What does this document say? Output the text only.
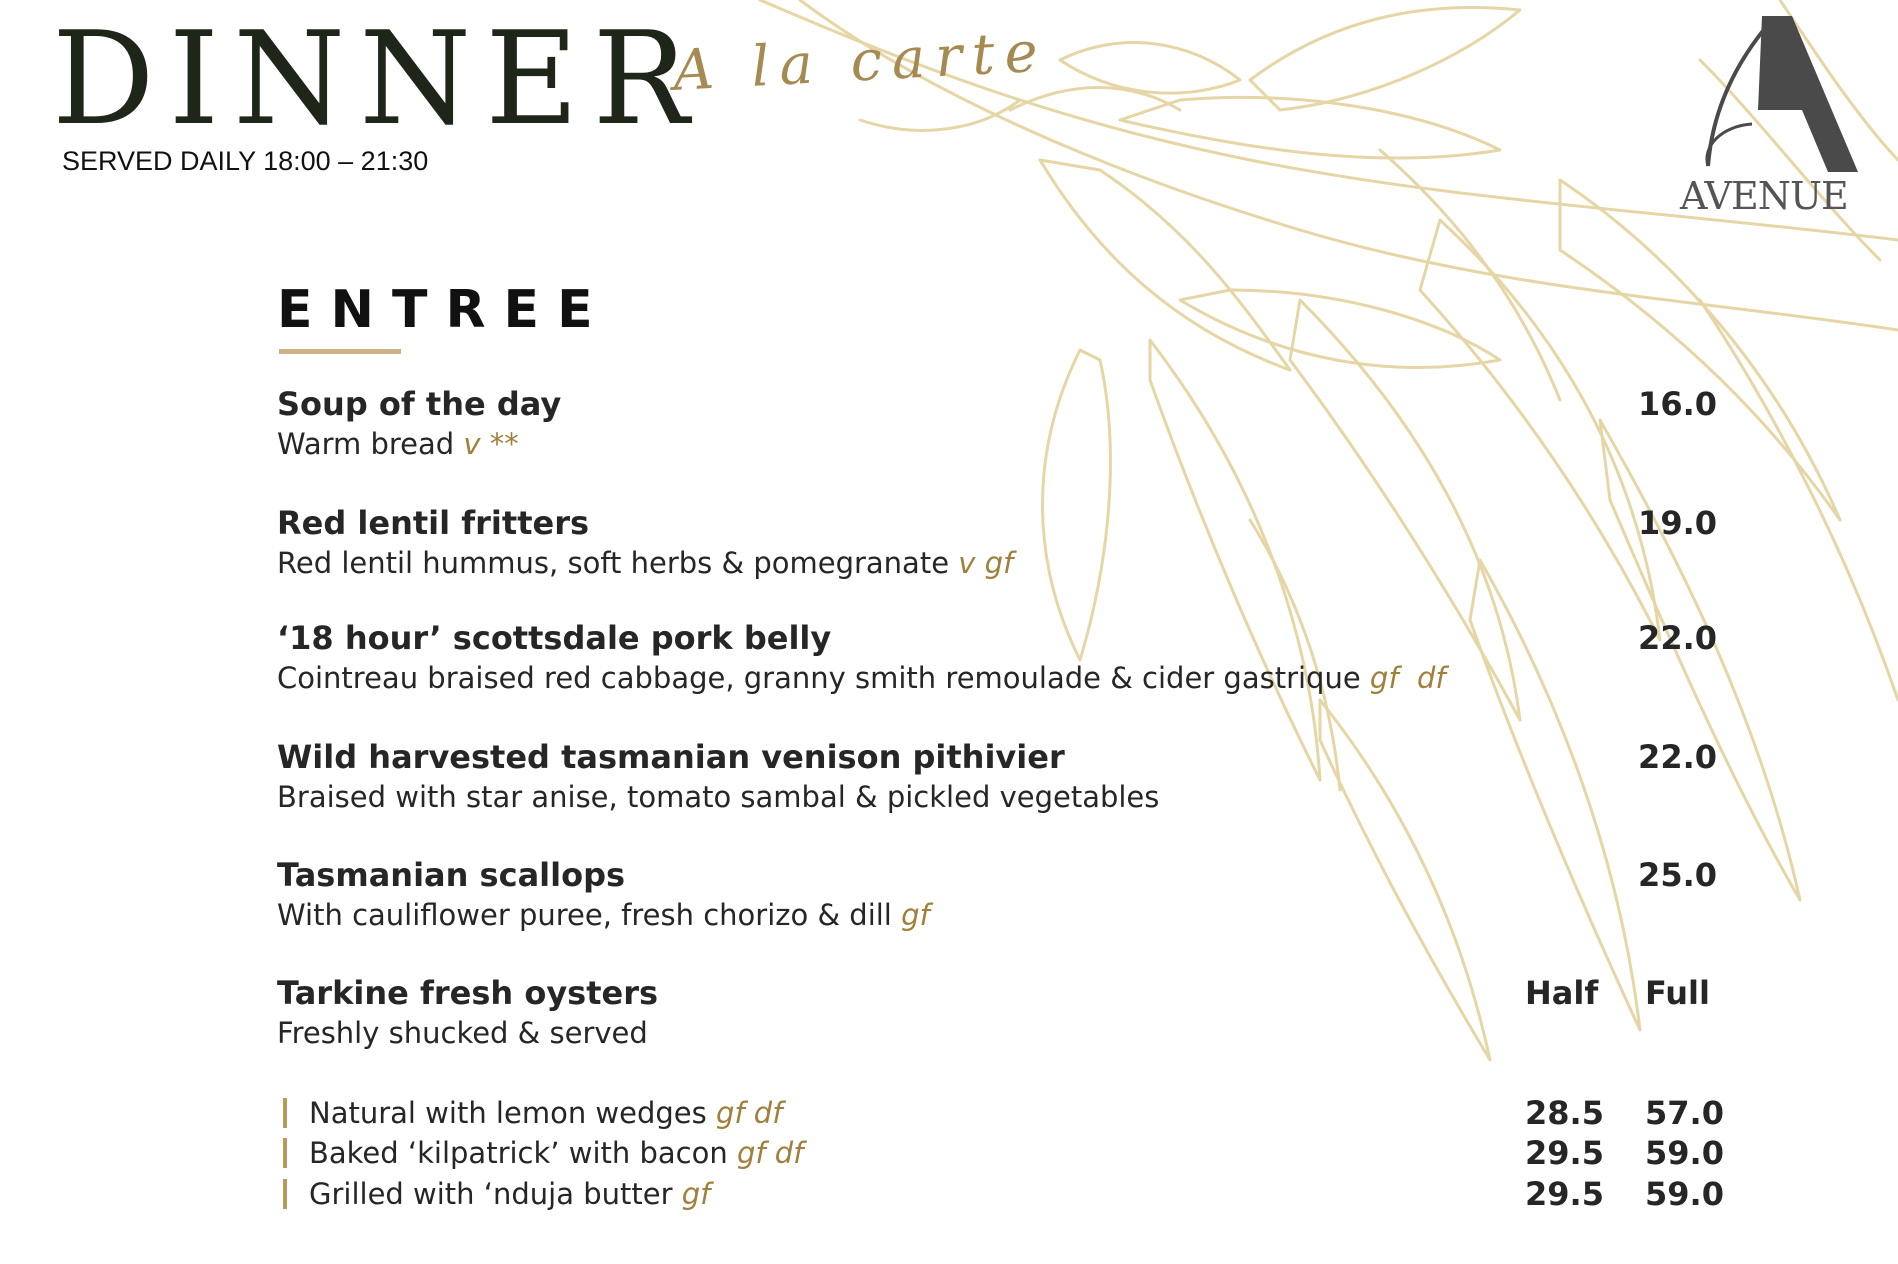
DINNER
A la carte
SERVED DAILY 18:00 – 21:30
AVENUE
ENTREE
Soup of the day
Warm bread v **
16.0
Red lentil fritters
Red lentil hummus, soft herbs & pomegranate v gf
19.0
‘18 hour’ scottsdale pork belly
Cointreau braised red cabbage, granny smith remoulade & cider gastrique gf  df
22.0
Wild harvested tasmanian venison pithivier
Braised with star anise, tomato sambal & pickled vegetables
22.0
Tasmanian scallops
With cauliflower puree, fresh chorizo & dill gf
25.0
Tarkine fresh oysters
Freshly shucked & served
Half Full
Natural with lemon wedges gf df	28.5 57.0
Baked ‘kilpatrick’ with bacon gf df	29.5 59.0
Grilled with ‘nduja butter gf	29.5 59.0
